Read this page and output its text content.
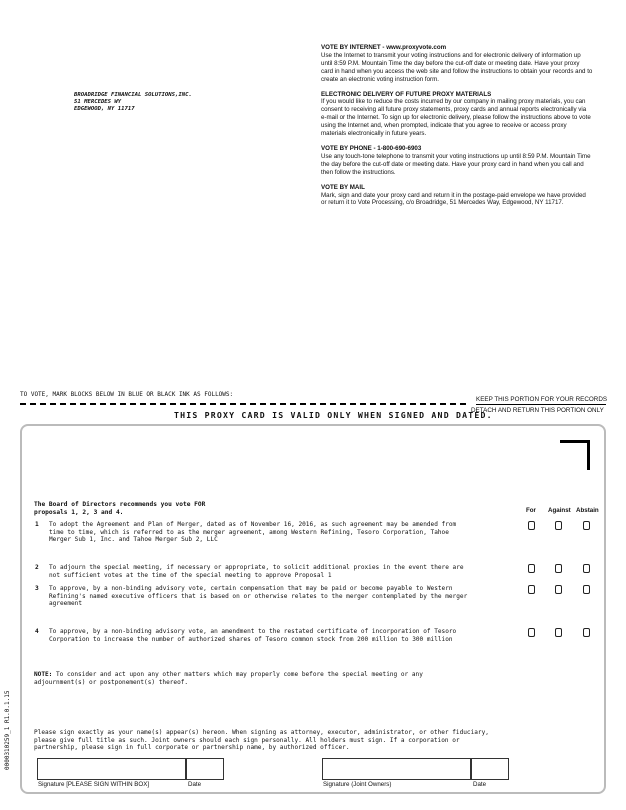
BROADRIDGE FINANCIAL SOLUTIONS,INC.
51 MERCEDES WY
EDGEWOOD, NY 11717
VOTE BY INTERNET - www.proxyvote.com
Use the Internet to transmit your voting instructions and for electronic delivery of information up until 8:59 P.M. Mountain Time the day before the cut-off date or meeting date. Have your proxy card in hand when you access the web site and follow the instructions to obtain your records and to create an electronic voting instruction form.
ELECTRONIC DELIVERY OF FUTURE PROXY MATERIALS
If you would like to reduce the costs incurred by our company in mailing proxy materials, you can consent to receiving all future proxy statements, proxy cards and annual reports electronically via e-mail or the Internet. To sign up for electronic delivery, please follow the instructions above to vote using the Internet and, when prompted, indicate that you agree to receive or access proxy materials electronically in future years.
VOTE BY PHONE - 1-800-690-6903
Use any touch-tone telephone to transmit your voting instructions up until 8:59 P.M. Mountain Time the day before the cut-off date or meeting date. Have your proxy card in hand when you call and then follow the instructions.
VOTE BY MAIL
Mark, sign and date your proxy card and return it in the postage-paid envelope we have provided or return it to Vote Processing, c/o Broadridge, 51 Mercedes Way, Edgewood, NY 11717.
TO VOTE, MARK BLOCKS BELOW IN BLUE OR BLACK INK AS FOLLOWS:
KEEP THIS PORTION FOR YOUR RECORDS
DETACH AND RETURN THIS PORTION ONLY
THIS PROXY CARD IS VALID ONLY WHEN SIGNED AND DATED.
The Board of Directors recommends you vote FOR proposals 1, 2, 3 and 4.	For Against Abstain
1 To adopt the Agreement and Plan of Merger, dated as of November 16, 2016, as such agreement may be amended from time to time, which is referred to as the merger agreement, among Western Refining, Tesoro Corporation, Tahoe Merger Sub 1, Inc. and Tahoe Merger Sub 2, LLC
2 To adjourn the special meeting, if necessary or appropriate, to solicit additional proxies in the event there are not sufficient votes at the time of the special meeting to approve Proposal 1
3 To approve, by a non-binding advisory vote, certain compensation that may be paid or become payable to Western Refining's named executive officers that is based on or otherwise relates to the merger contemplated by the merger agreement
4 To approve, by a non-binding advisory vote, an amendment to the restated certificate of incorporation of Tesoro Corporation to increase the number of authorized shares of Tesoro common stock from 200 million to 300 million
NOTE: To consider and act upon any other matters which may properly come before the special meeting or any adjournment(s) or postponement(s) thereof.
Please sign exactly as your name(s) appear(s) hereon. When signing as attorney, executor, administrator, or other fiduciary, please give full title as such. Joint owners should each sign personally. All holders must sign. If a corporation or partnership, please sign in full corporate or partnership name, by authorized officer.
Signature [PLEASE SIGN WITHIN BOX]	Date	Signature (Joint Owners)	Date
0000310259_1 R1.0.1.15
